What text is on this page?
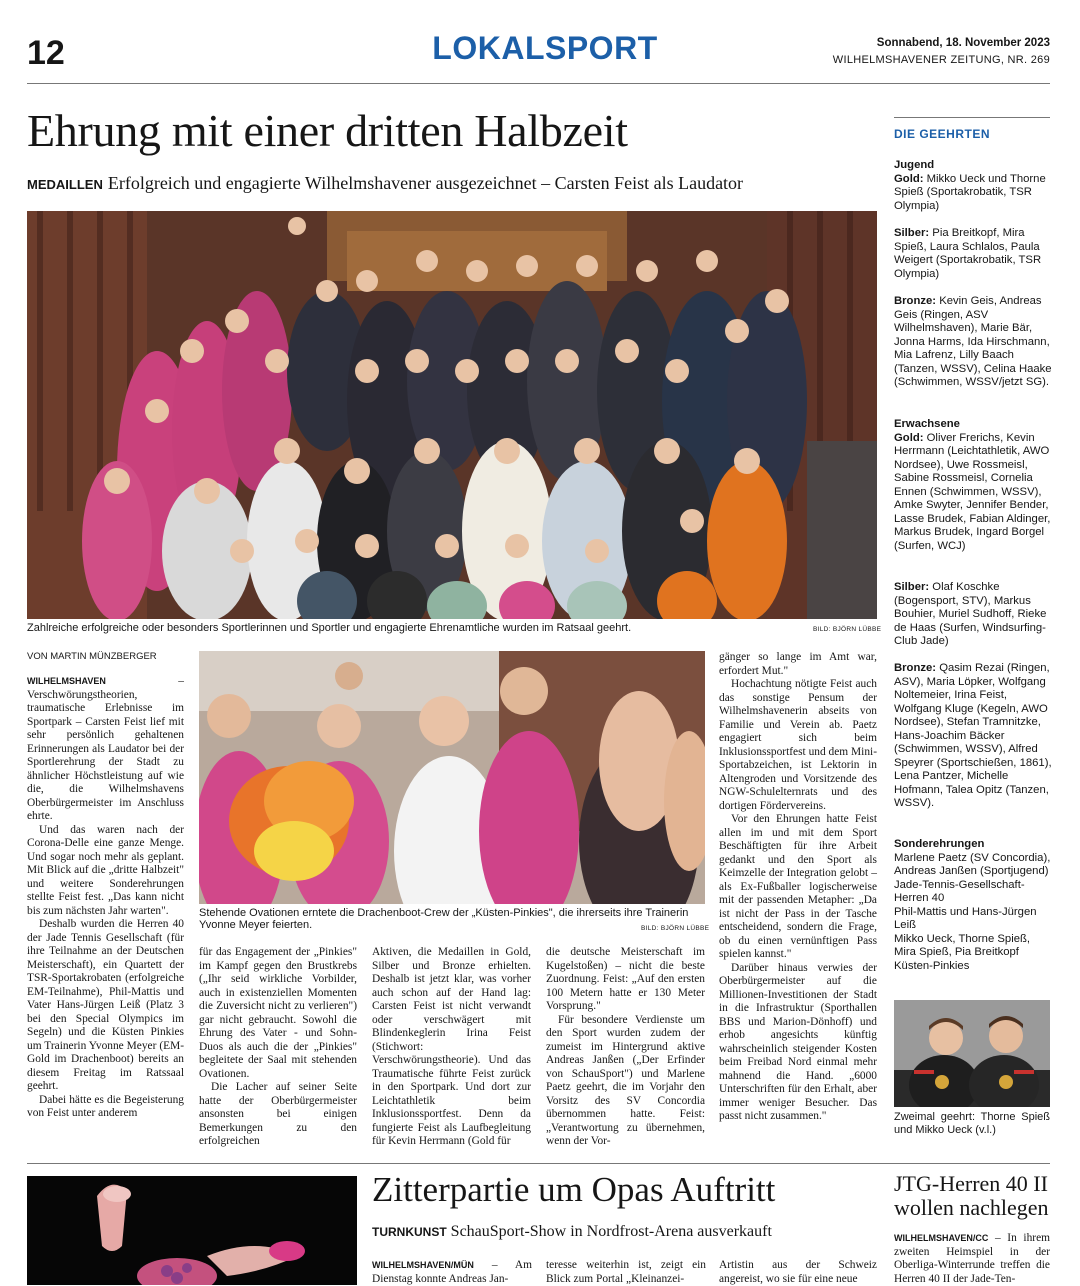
12	LOKALSPORT	Sonnabend, 18. November 2023
WILHELMSHAVENER ZEITUNG, NR. 269
Ehrung mit einer dritten Halbzeit
MEDAILLEN Erfolgreich und engagierte Wilhelmshavener ausgezeichnet – Carsten Feist als Laudator
Zahlreiche erfolgreiche oder besonders Sportlerinnen und Sportler und engagierte Ehrenamtliche wurden im Ratsaal geehrt.	BILD: BJÖRN LÜBBE
VON MARTIN MÜNZBERGER

WILHELMSHAVEN	– Verschwörungstheorien, traumatische Erlebnisse im Sportpark – Carsten Feist lief mit sehr persönlich gehaltenen Erinnerungen als Laudator bei der Sportlerehrung der Stadt zu ähnlicher Höchstleistung auf wie die, die Wilhelmshavens Oberbürgermeister im Anschluss ehrte.

Und das waren nach der Corona-Delle eine ganze Menge. Und sogar noch mehr als geplant. Mit Blick auf die „dritte Halbzeit" und weitere Sonderehrungen stellte Feist fest. „Das kann nicht bis zum nächsten Jahr warten".

Deshalb wurden die Herren 40 der Jade Tennis Gesellschaft (für ihre Teilnahme an der Deutschen Meisterschaft), ein Quartett der TSR-Sportakrobaten (erfolgreiche EM-Teilnahme), Phil-Mattis und Vater Hans-Jürgen Leiß (Platz 3 bei den Special Olympics im Segeln) und die Küsten Pinkies um Trainerin Yvonne Meyer (EM-Gold im Drachenboot) bereits an diesem Freitag im Ratssaal geehrt.

Dabei hätte es die Begeisterung von Feist unter anderem

Stehende Ovationen erntete die Drachenboot-Crew der „Küsten-Pinkies", die ihrerseits ihre Trainerin Yvonne Meyer feierten.	BILD: BJÖRN LÜBBE

für das Engagement der „Pinkies" im Kampf gegen den Brustkrebs („Ihr seid wirkliche Vorbilder, auch in existenziellen Momenten die Zuversicht nicht zu verlieren") gar nicht gebraucht. Sowohl die Ehrung des Vater - und Sohn-Duos als auch die der „Pinkies" begleitete der Saal mit stehenden Ovationen.

Die Lacher auf seiner Seite hatte der Oberbürgermeister ansonsten bei einigen Bemerkungen zu den erfolgreichen

Aktiven, die Medaillen in Gold, Silber und Bronze erhielten. Deshalb ist jetzt klar, was vorher auch schon auf der Hand lag: Carsten Feist ist nicht verwandt oder verschwägert mit Blindenkeglerin Irina Feist (Stichwort: Verschwörungstheorie). Und das Traumatische führte Feist zurück in den Sportpark. Und dort zur Leichtathletik beim Inklusionssportfest. Denn da fungierte Feist als Laufbegleitung für Kevin Herrmann (Gold für

die deutsche Meisterschaft im Kugelstoßen) – nicht die beste Zuordnung. Feist: „Auf den ersten 100 Metern hatte er 130 Meter Vorsprung."

Für besondere Verdienste um den Sport wurden zudem der zumeist im Hintergrund aktive Andreas Janßen („Der Erfinder von SchauSport") und Marlene Paetz geehrt, die im Vorjahr den Vorsitz des SV Concordia übernommen hatte. Feist: „Verantwortung zu übernehmen, wenn der Vor-

gänger so lange im Amt war, erfordert Mut."

Hochachtung nötigte Feist auch das sonstige Pensum der Wilhelmshavenerin abseits von Familie und Verein ab. Paetz engagiert sich beim Inklusionssportfest und dem Mini-Sportabzeichen, ist Lektorin in Altengroden und Vorsitzende des NGW-Schulelternrats und des dortigen Fördervereins.

Vor den Ehrungen hatte Feist allen im und mit dem Sport Beschäftigten für ihre Arbeit gedankt und den Sport als Keimzelle der Integration gelobt – als Ex-Fußballer logischerweise mit der passenden Metapher: „Da ist nicht der Pass in der Tasche entscheidend, sondern die Frage, ob du einen vernünftigen Pass spielen kannst."

Darüber hinaus verwies der Oberbürgermeister auf die Millionen-Investitionen der Stadt in die Infrastruktur (Sporthallen BBS und Marion-Dönhoff) und erhob angesichts künftig wahrscheinlich steigender Kosten beim Freibad Nord einmal mehr mahnend die Hand. „6000 Unterschriften für den Erhalt, aber immer weniger Besucher. Das passt nicht zusammen."

DIE GEEHRTEN
Jugend
Gold: Mikko Ueck und Thorne Spieß (Sportakrobatik, TSR Olympia)
Silber: Pia Breitkopf, Mira Spieß, Laura Schlalos, Paula Weigert (Sportakrobatik, TSR Olympia)
Bronze: Kevin Geis, Andreas Geis (Ringen, ASV Wilhelmshaven), Marie Bär, Jonna Harms, Ida Hirschmann, Mia Lafrenz, Lilly Baach (Tanzen, WSSV), Celina Haake (Schwimmen, WSSV/jetzt SG).
Erwachsene
Gold: Oliver Frerichs, Kevin Herrmann (Leichtathletik, AWO Nordsee), Uwe Rossmeisl, Sabine Rossmeisl, Cornelia Ennen (Schwimmen, WSSV), Amke Swyter, Jennifer Bender, Lasse Brudek, Fabian Aldinger, Markus Brudek, Ingard Borgel (Surfen, WCJ)
Silber: Olaf Koschke (Bogensport, STV), Markus Bouhier, Muriel Sudhoff, Rieke de Haas (Surfen, Windsurfing-Club Jade)
Bronze: Qasim Rezai (Ringen, ASV), Maria Löpker, Wolfgang Noltemeier, Irina Feist, Wolfgang Kluge (Kegeln, AWO Nordsee), Stefan Tramnitzke, Hans-Joachim Bäcker (Schwimmen, WSSV), Alfred Speyrer (Sportschießen, 1861), Lena Pantzer, Michelle Hofmann, Talea Opitz (Tanzen, WSSV).
Sonderehrungen
Marlene Paetz (SV Concordia), Andreas Janßen (Sportjugend)
Jade-Tennis-Gesellschaft-Herren 40
Phil-Mattis und Hans-Jürgen Leiß
Mikko Ueck, Thorne Spieß, Mira Spieß, Pia Breitkopf
Küsten-Pinkies
Zweimal geehrt: Thorne Spieß und Mikko Ueck (v.l.)
Zitterpartie um Opas Auftritt
TURNKUNST SchauSport-Show in Nordfrost-Arena ausverkauft
WILHELMSHAVEN/MÜN – Am Dienstag konnte Andreas Jan-
teresse weiterhin ist, zeigt ein Blick zum Portal „Kleinanzei-
Artistin aus der Schweiz angereist, wo sie für eine neue
JTG-Herren 40 II wollen nachlegen
WILHELMSHAVEN/CC – In ihrem zweiten Heimspiel in der Oberliga-Winterrunde treffen die Herren 40 II der Jade-Ten-
